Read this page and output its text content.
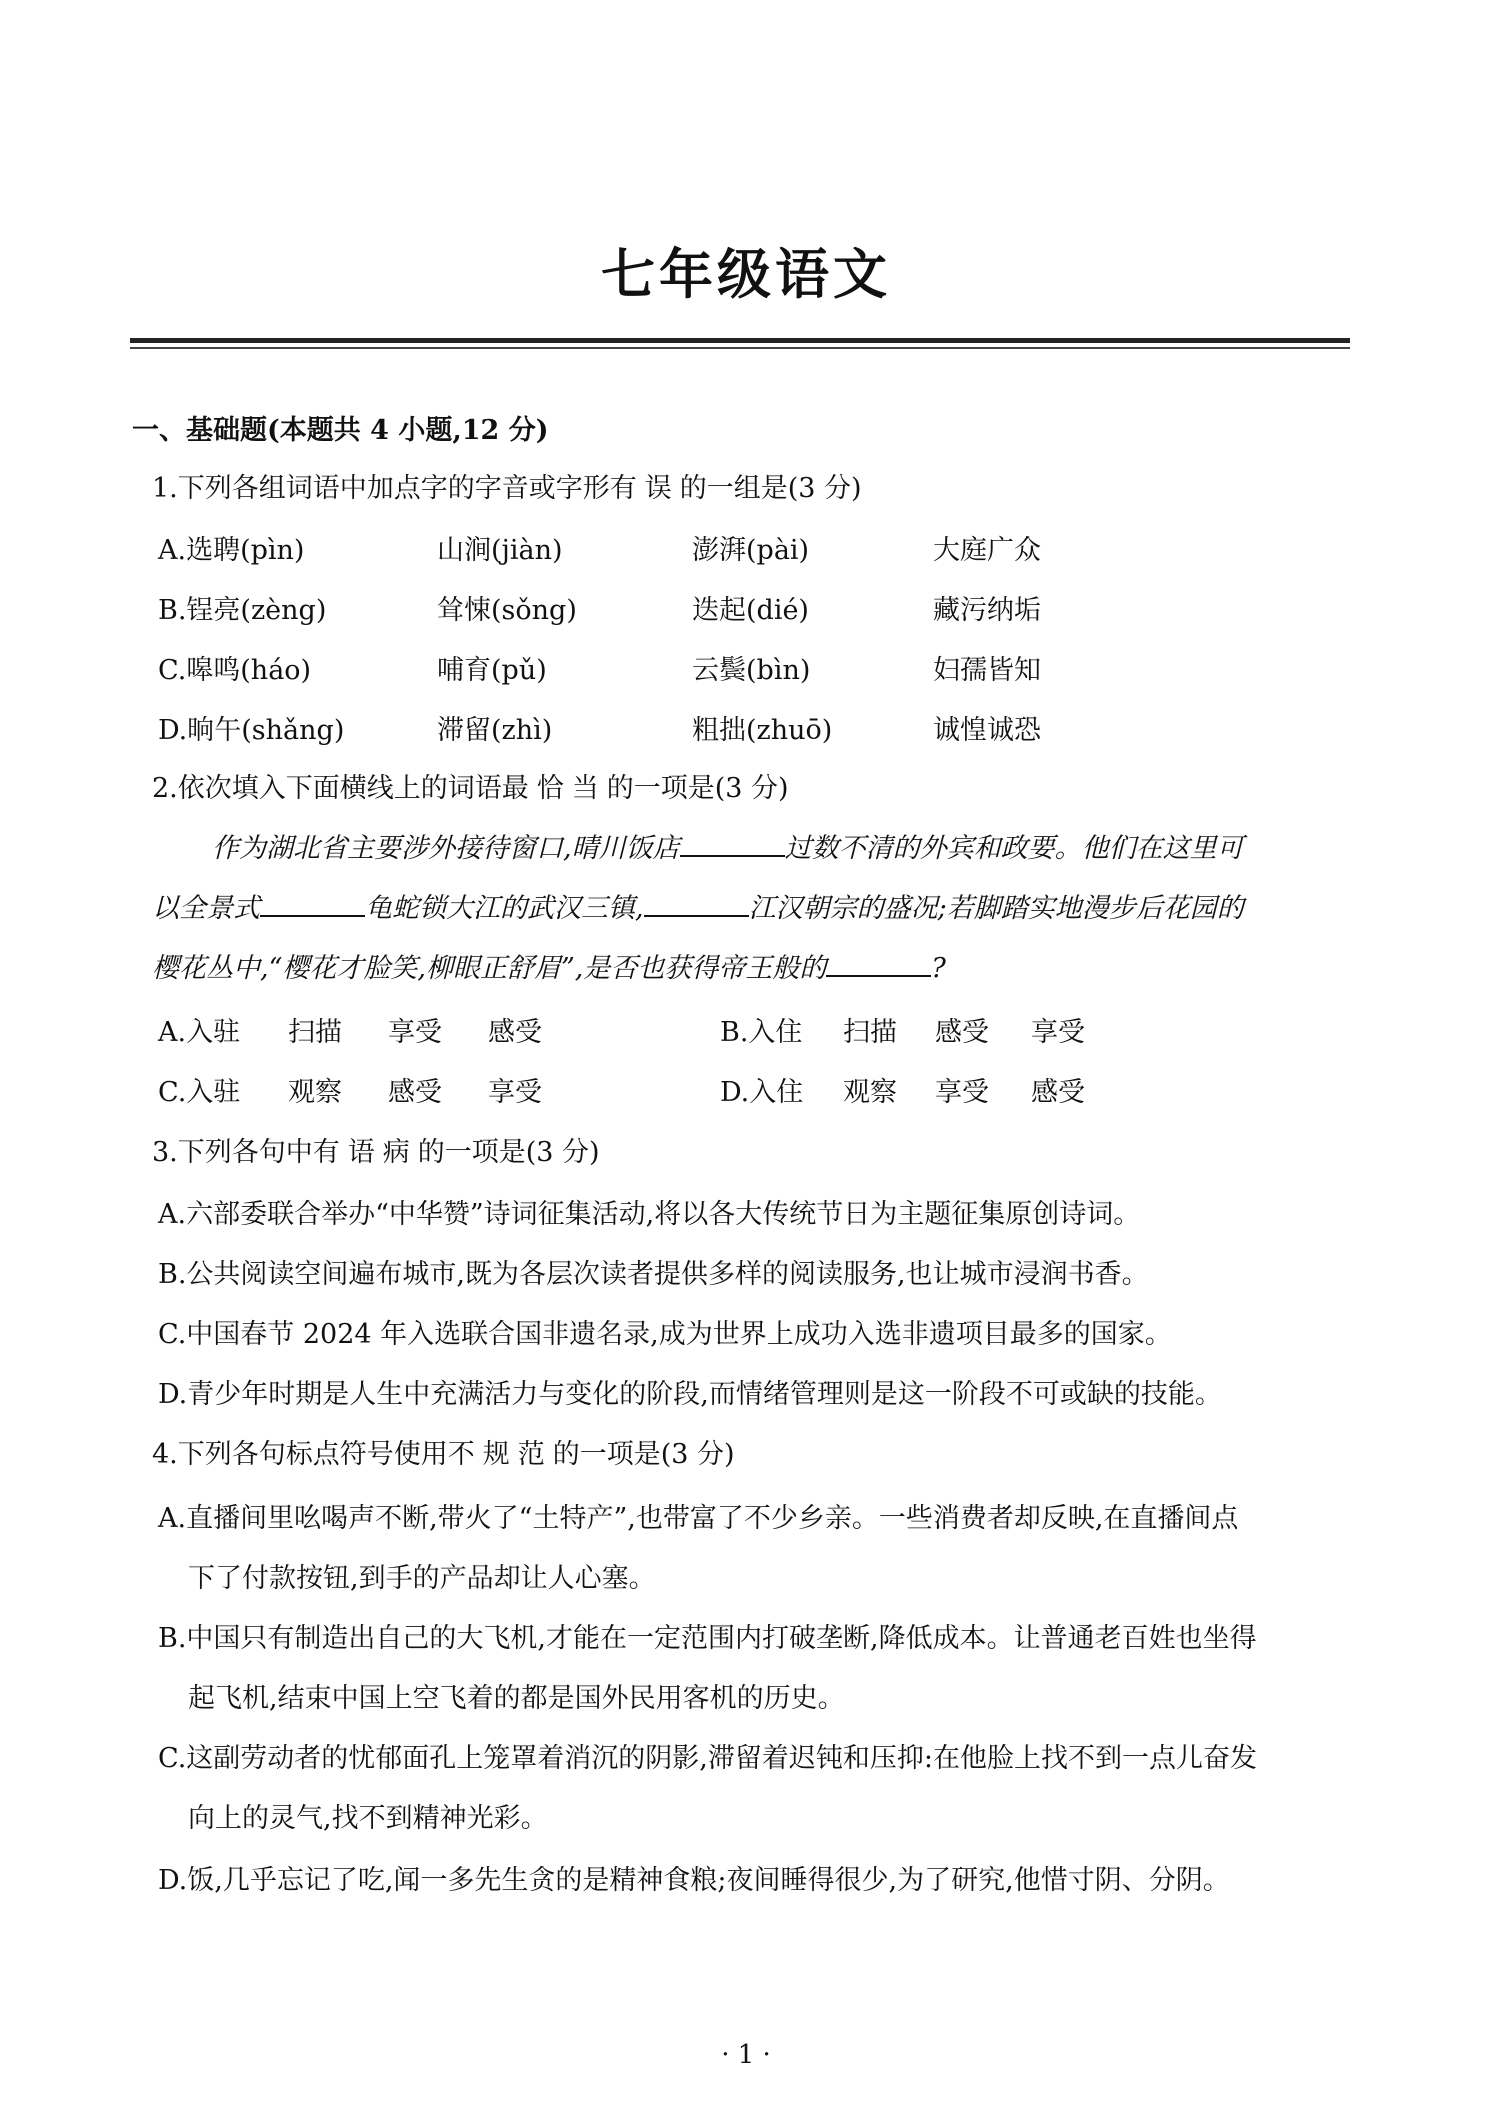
七年级语文
一、基础题(本题共 4 小题,12 分)
1.下列各组词语中加点字的字音或字形有误的一组是(3 分)
A.选聘(pìn)	山涧(jiàn)	澎湃(pài)	大庭广众
B.锃亮(zèng)	耸悚(sǒng)	迭起(dié)	藏污纳垢
C.嗥鸣(háo)	哺育(pǔ)	云鬓(bìn)	妇孺皆知
D.晌午(shǎng)	滞留(zhì)	粗拙(zhuō)	诚惶诚恐
2.依次填入下面横线上的词语最恰当的一项是(3 分)
作为湖北省主要涉外接待窗口,晴川饭店	过数不清的外宾和政要。他们在这里可
以全景式	龟蛇锁大江的武汉三镇,	江汉朝宗的盛况;若脚踏实地漫步后花园的
樱花丛中,“樱花才脸笑,柳眼正舒眉”,是否也获得帝王般的	?
A.入驻 扫描 享受 感受	B.入住 扫描 感受 享受
C.入驻 观察 感受 享受	D.入住 观察 享受 感受
3.下列各句中有语病的一项是(3 分)
A.六部委联合举办“中华赞”诗词征集活动,将以各大传统节日为主题征集原创诗词。
B.公共阅读空间遍布城市,既为各层次读者提供多样的阅读服务,也让城市浸润书香。
C.中国春节 2024 年入选联合国非遗名录,成为世界上成功入选非遗项目最多的国家。
D.青少年时期是人生中充满活力与变化的阶段,而情绪管理则是这一阶段不可或缺的技能。
4.下列各句标点符号使用不规范的一项是(3 分)
A.直播间里吆喝声不断,带火了“土特产”,也带富了不少乡亲。一些消费者却反映,在直播间点
下了付款按钮,到手的产品却让人心塞。
B.中国只有制造出自己的大飞机,才能在一定范围内打破垄断,降低成本。让普通老百姓也坐得
起飞机,结束中国上空飞着的都是国外民用客机的历史。
C.这副劳动者的忧郁面孔上笼罩着消沉的阴影,滞留着迟钝和压抑:在他脸上找不到一点儿奋发
向上的灵气,找不到精神光彩。
D.饭,几乎忘记了吃,闻一多先生贪的是精神食粮;夜间睡得很少,为了研究,他惜寸阴、分阴。
· 1 ·
